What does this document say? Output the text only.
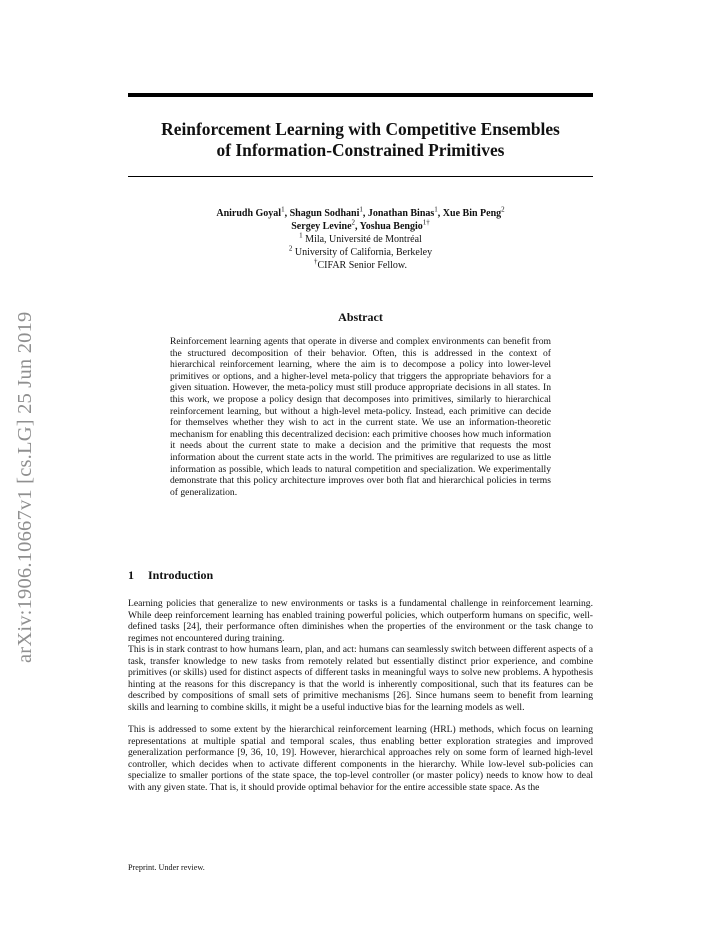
arXiv:1906.10667v1 [cs.LG] 25 Jun 2019
Reinforcement Learning with Competitive Ensembles
of Information-Constrained Primitives
Anirudh Goyal$^1$, Shagun Sodhani$^1$, Jonathan Binas$^1$, Xue Bin Peng$^2$
Sergey Levine$^2$, Yoshua Bengio$^{1\dagger}$
$^1$ Mila, Université de Montréal
$^2$ University of California, Berkeley
†CIFAR Senior Fellow.
Abstract
Reinforcement learning agents that operate in diverse and complex environments can benefit from the structured decomposition of their behavior. Often, this is addressed in the context of hierarchical reinforcement learning, where the aim is to decompose a policy into lower-level primitives or options, and a higher-level meta-policy that triggers the appropriate behaviors for a given situation. However, the meta-policy must still produce appropriate decisions in all states. In this work, we propose a policy design that decomposes into primitives, similarly to hierarchical reinforcement learning, but without a high-level meta-policy. Instead, each primitive can decide for themselves whether they wish to act in the current state. We use an information-theoretic mechanism for enabling this decentralized decision: each primitive chooses how much information it needs about the current state to make a decision and the primitive that requests the most information about the current state acts in the world. The primitives are regularized to use as little information as possible, which leads to natural competition and specialization. We experimentally demonstrate that this policy architecture improves over both flat and hierarchical policies in terms of generalization.
1 Introduction
Learning policies that generalize to new environments or tasks is a fundamental challenge in reinforcement learning. While deep reinforcement learning has enabled training powerful policies, which outperform humans on specific, well-defined tasks [24], their performance often diminishes when the properties of the environment or the task change to regimes not encountered during training.
This is in stark contrast to how humans learn, plan, and act: humans can seamlessly switch between different aspects of a task, transfer knowledge to new tasks from remotely related but essentially distinct prior experience, and combine primitives (or skills) used for distinct aspects of different tasks in meaningful ways to solve new problems. A hypothesis hinting at the reasons for this discrepancy is that the world is inherently compositional, such that its features can be described by compositions of small sets of primitive mechanisms [26]. Since humans seem to benefit from learning skills and learning to combine skills, it might be a useful inductive bias for the learning models as well.
This is addressed to some extent by the hierarchical reinforcement learning (HRL) methods, which focus on learning representations at multiple spatial and temporal scales, thus enabling better exploration strategies and improved generalization performance [9, 36, 10, 19]. However, hierarchical approaches rely on some form of learned high-level controller, which decides when to activate different components in the hierarchy. While low-level sub-policies can specialize to smaller portions of the state space, the top-level controller (or master policy) needs to know how to deal with any given state. That is, it should provide optimal behavior for the entire accessible state space. As the
Preprint. Under review.
